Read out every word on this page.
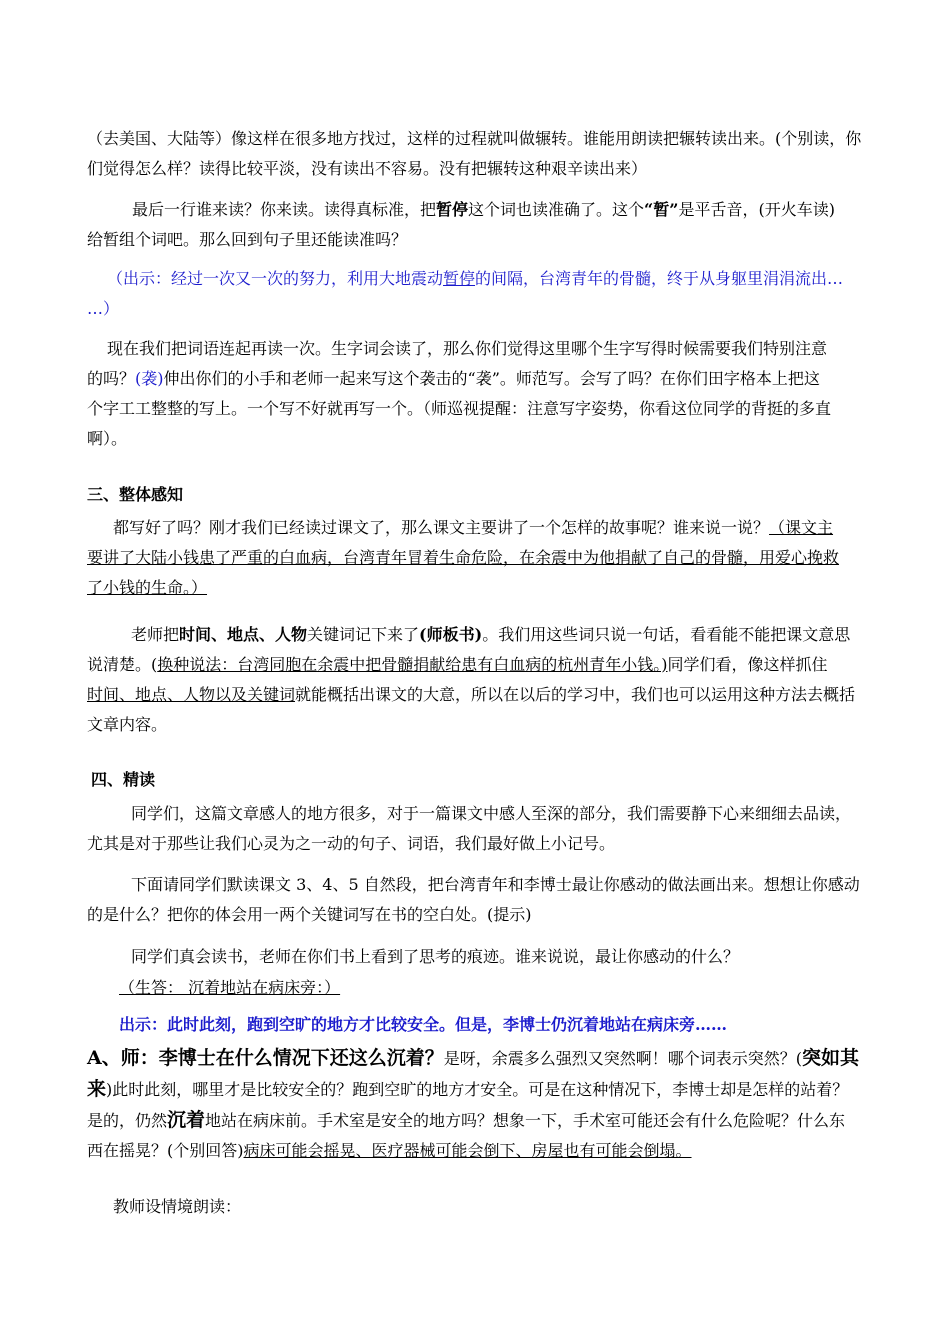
（去美国、大陆等）像这样在很多地方找过，这样的过程就叫做辗转。谁能用朗读把辗转读出来。(个别读，你
们觉得怎么样？读得比较平淡，没有读出不容易。没有把辗转这种艰辛读出来）

最后一行谁来读？你来读。读得真标准，把暂停这个词也读准确了。这个“暂”是平舌音，(开火车读)
给暂组个词吧。那么回到句子里还能读准吗？

（出示：经过一次又一次的努力，利用大地震动暂停的间隔，台湾青年的骨髓，终于从身躯里涓涓流出…
…）

现在我们把词语连起再读一次。生字词会读了，那么你们觉得这里哪个生字写得时候需要我们特别注意
的吗？(袭)伸出你们的小手和老师一起来写这个袭击的“袭”。师范写。会写了吗？在你们田字格本上把这
个字工工整整的写上。一个写不好就再写一个。（师巡视提醒：注意写字姿势，你看这位同学的背挺的多直
啊）。

三、整体感知

都写好了吗？刚才我们已经读过课文了，那么课文主要讲了一个怎样的故事呢？谁来说一说？（课文主
要讲了大陆小钱患了严重的白血病，台湾青年冒着生命危险，在余震中为他捐献了自己的骨髓，用爱心挽救
了小钱的生命。）

老师把时间、地点、人物关键词记下来了(师板书)。我们用这些词只说一句话，看看能不能把课文意思
说清楚。(换种说法：台湾同胞在余震中把骨髓捐献给患有白血病的杭州青年小钱。)同学们看，像这样抓住
时间、地点、人物以及关键词就能概括出课文的大意，所以在以后的学习中，我们也可以运用这种方法去概括
文章内容。

四、精读

同学们，这篇文章感人的地方很多，对于一篇课文中感人至深的部分，我们需要静下心来细细去品读，
尤其是对于那些让我们心灵为之一动的句子、词语，我们最好做上小记号。

下面请同学们默读课文 3、4、5 自然段，把台湾青年和李博士最让你感动的做法画出来。想想让你感动
的是什么？把你的体会用一两个关键词写在书的空白处。(提示)

同学们真会读书，老师在你们书上看到了思考的痕迹。谁来说说，最让你感动的什么？

（生答： 沉着地站在病床旁：）

出示：此时此刻，跑到空旷的地方才比较安全。但是，李博士仍沉着地站在病床旁……

A、师：李博士在什么情况下还这么沉着？是呀，余震多么强烈又突然啊！哪个词表示突然？(突如其
来)此时此刻，哪里才是比较安全的？跑到空旷的地方才安全。可是在这种情况下，李博士却是怎样的站着？
是的，仍然沉着地站在病床前。手术室是安全的地方吗？想象一下，手术室可能还会有什么危险呢？什么东
西在摇晃？(个别回答)病床可能会摇晃、医疗器械可能会倒下、房屋也有可能会倒塌。

教师设情境朗读：
